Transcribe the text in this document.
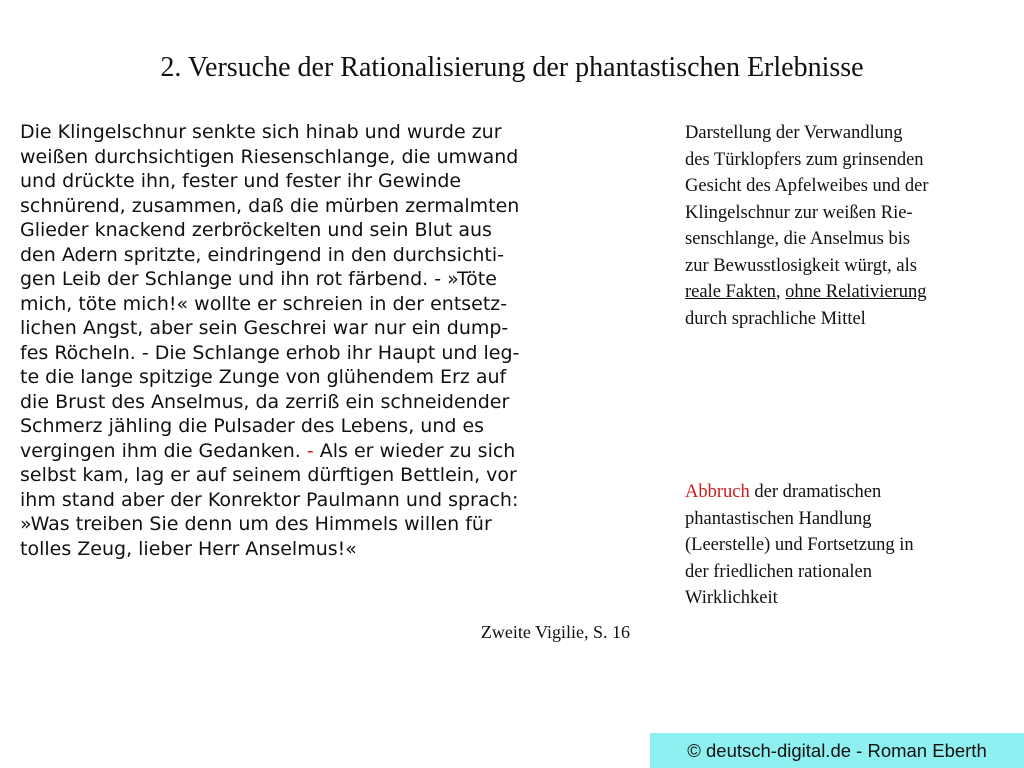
2. Versuche der Rationalisierung der phantastischen Erlebnisse
Die Klingelschnur senkte sich hinab und wurde zur
weißen durchsichtigen Riesenschlange, die umwand
und drückte ihn, fester und fester ihr Gewinde
schnürend, zusammen, daß die mürben zermalmten
Glieder knackend zerbröckelten und sein Blut aus
den Adern spritzte, eindringend in den durchsichti-
gen Leib der Schlange und ihn rot färbend. - »Töte
mich, töte mich!« wollte er schreien in der entsetz-
lichen Angst, aber sein Geschrei war nur ein dump-
fes Röcheln. - Die Schlange erhob ihr Haupt und leg-
te die lange spitzige Zunge von glühendem Erz auf
die Brust des Anselmus, da zerriß ein schneidender
Schmerz jähling die Pulsader des Lebens, und es
vergingen ihm die Gedanken. - Als er wieder zu sich
selbst kam, lag er auf seinem dürftigen Bettlein, vor
ihm stand aber der Konrektor Paulmann und sprach:
»Was treiben Sie denn um des Himmels willen für
tolles Zeug, lieber Herr Anselmus!«
Zweite Vigilie, S. 16
Darstellung der Verwandlung
des Türklopfers zum grinsenden
Gesicht des Apfelweibes und der
Klingelschnur zur weißen Rie-
senschlange, die Anselmus bis
zur Bewusstlosigkeit würgt, als
reale Fakten, ohne Relativierung
durch sprachliche Mittel
Abbruch der dramatischen
phantastischen Handlung
(Leerstelle) und Fortsetzung in
der friedlichen rationalen
Wirklichkeit
© deutsch-digital.de - Roman Eberth
